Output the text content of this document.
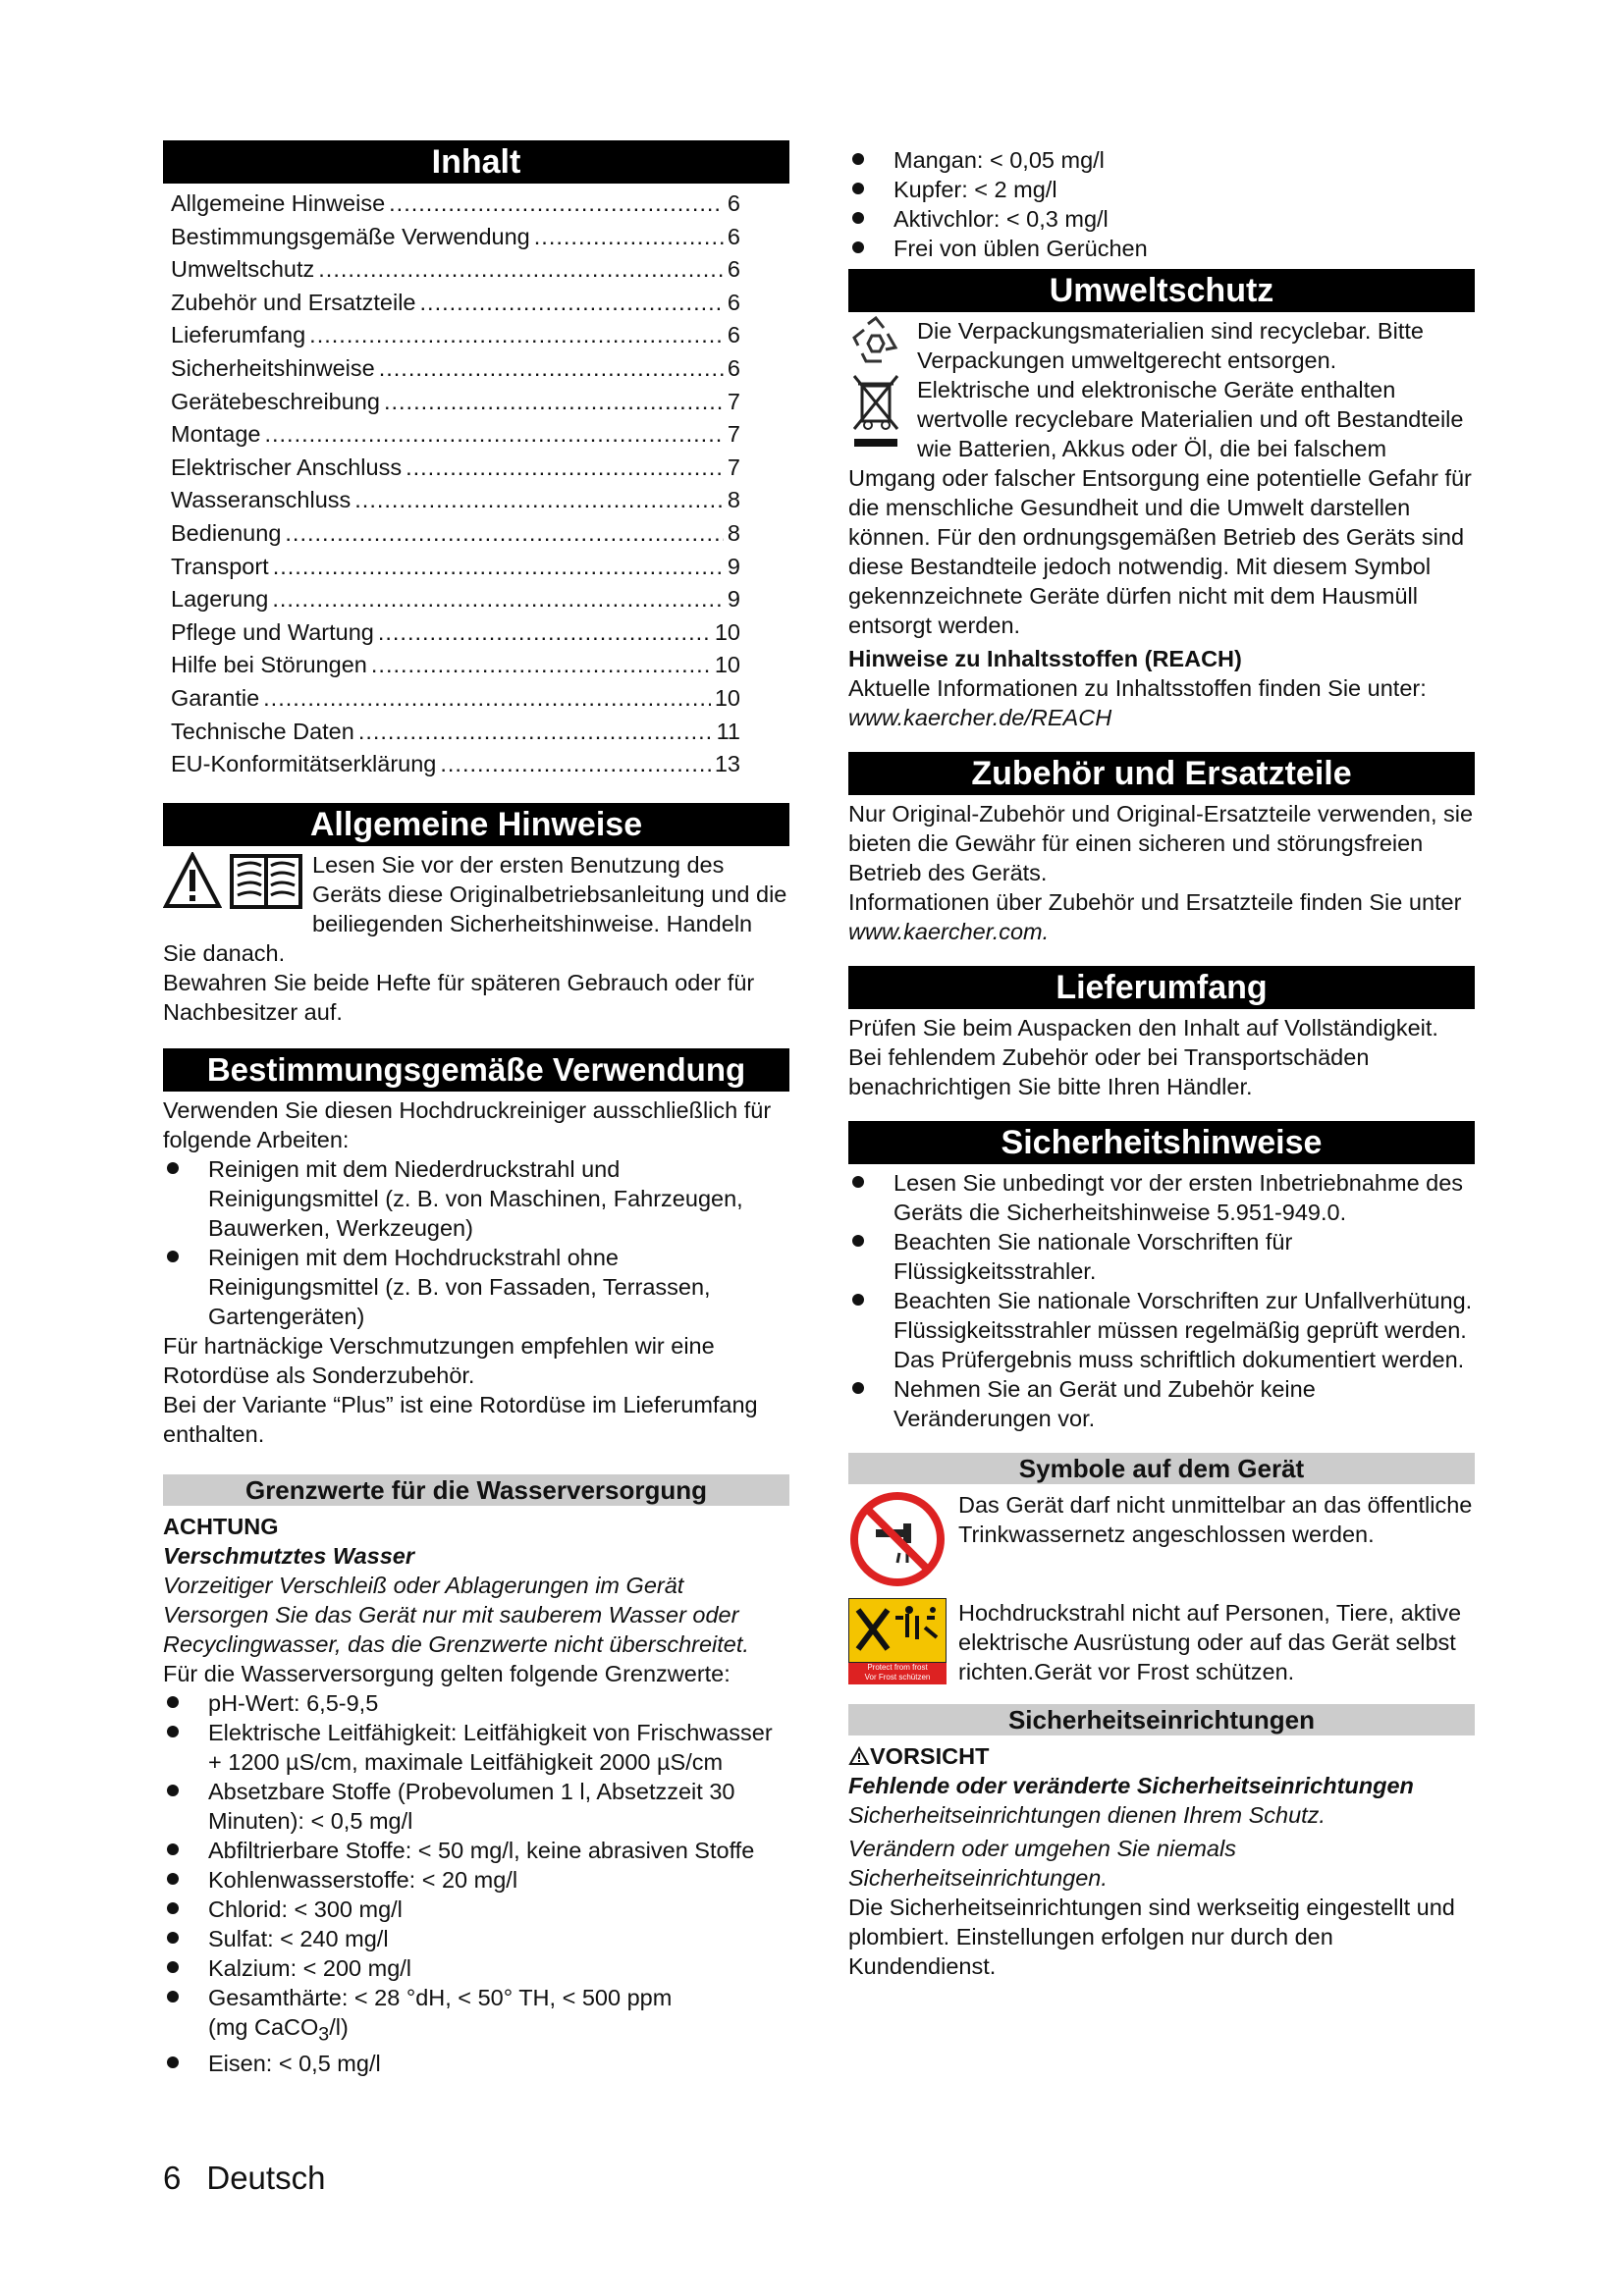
Inhalt
Allgemeine Hinweise .....	6
Bestimmungsgemäße Verwendung .....	6
Umweltschutz .....	6
Zubehör und Ersatzteile .....	6
Lieferumfang .....	6
Sicherheitshinweise .....	6
Gerätebeschreibung .....	7
Montage .....	7
Elektrischer Anschluss .....	7
Wasseranschluss .....	8
Bedienung .....	8
Transport .....	9
Lagerung .....	9
Pflege und Wartung .....	10
Hilfe bei Störungen .....	10
Garantie .....	10
Technische Daten .....	11
EU-Konformitätserklärung .....	13
Allgemeine Hinweise

Lesen Sie vor der ersten Benutzung des Geräts diese Originalbetriebsanleitung und die beiliegenden Sicherheitshinweise. Handeln Sie danach.

Bewahren Sie beide Hefte für späteren Gebrauch oder für Nachbesitzer auf.

Bestimmungsgemäße Verwendung

Verwenden Sie diesen Hochdruckreiniger ausschließlich für folgende Arbeiten:

Reinigen mit dem Niederdruckstrahl und Reinigungsmittel (z. B. von Maschinen, Fahrzeugen, Bauwerken, Werkzeugen)
Reinigen mit dem Hochdruckstrahl ohne Reinigungsmittel (z. B. von Fassaden, Terrassen, Gartengeräten)

Für hartnäckige Verschmutzungen empfehlen wir eine Rotordüse als Sonderzubehör.

Bei der Variante “Plus” ist eine Rotordüse im Lieferumfang enthalten.

Grenzwerte für die Wasserversorgung

ACHTUNG

Verschmutztes Wasser

Vorzeitiger Verschleiß oder Ablagerungen im Gerät

Versorgen Sie das Gerät nur mit sauberem Wasser oder Recyclingwasser, das die Grenzwerte nicht überschreitet.

Für die Wasserversorgung gelten folgende Grenzwerte:

pH-Wert: 6,5-9,5
Elektrische Leitfähigkeit: Leitfähigkeit von Frischwasser + 1200 µS/cm, maximale Leitfähigkeit 2000 µS/cm
Absetzbare Stoffe (Probevolumen 1 l, Absetzzeit 30 Minuten): < 0,5 mg/l
Abfiltrierbare Stoffe: < 50 mg/l, keine abrasiven Stoffe
Kohlenwasserstoffe: < 20 mg/l
Chlorid: < 300 mg/l
Sulfat: < 240 mg/l
Kalzium: < 200 mg/l
Gesamthärte: < 28 °dH, < 50° TH, < 500 ppm
(mg CaCO$_3$/l)
Eisen: < 0,5 mg/l
Mangan: < 0,05 mg/l
Kupfer: < 2 mg/l
Aktivchlor: < 0,3 mg/l
Frei von üblen Gerüchen
Umweltschutz

Die Verpackungsmaterialien sind recyclebar. Bitte Verpackungen umweltgerecht entsorgen.

Elektrische und elektronische Geräte enthalten wertvolle recyclebare Materialien und oft Bestandteile wie Batterien, Akkus oder Öl, die bei falschem Umgang oder falscher Entsorgung eine potentielle Gefahr für die menschliche Gesundheit und die Umwelt darstellen können. Für den ordnungsgemäßen Betrieb des Geräts sind diese Bestandteile jedoch notwendig. Mit diesem Symbol gekennzeichnete Geräte dürfen nicht mit dem Hausmüll entsorgt werden.

Hinweise zu Inhaltsstoffen (REACH)

Aktuelle Informationen zu Inhaltsstoffen finden Sie unter: www.kaercher.de/REACH

Zubehör und Ersatzteile

Nur Original-Zubehör und Original-Ersatzteile verwenden, sie bieten die Gewähr für einen sicheren und störungsfreien Betrieb des Geräts.

Informationen über Zubehör und Ersatzteile finden Sie unter www.kaercher.com.

Lieferumfang

Prüfen Sie beim Auspacken den Inhalt auf Vollständigkeit. Bei fehlendem Zubehör oder bei Transportschäden benachrichtigen Sie bitte Ihren Händler.

Sicherheitshinweise
Lesen Sie unbedingt vor der ersten Inbetriebnahme des Geräts die Sicherheitshinweise 5.951-949.0.
Beachten Sie nationale Vorschriften für Flüssigkeitsstrahler.
Beachten Sie nationale Vorschriften zur Unfallverhütung. Flüssigkeitsstrahler müssen regelmäßig geprüft werden. Das Prüfergebnis muss schriftlich dokumentiert werden.
Nehmen Sie an Gerät und Zubehör keine Veränderungen vor.
Symbole auf dem Gerät

Das Gerät darf nicht unmittelbar an das öffentliche Trinkwassernetz angeschlossen werden.

Protect from frost
Vor Frost schützen

Hochdruckstrahl nicht auf Personen, Tiere, aktive elektrische Ausrüstung oder auf das Gerät selbst richten.Gerät vor Frost schützen.

Sicherheitseinrichtungen

VORSICHT

Fehlende oder veränderte Sicherheitseinrichtungen

Sicherheitseinrichtungen dienen Ihrem Schutz.

Verändern oder umgehen Sie niemals Sicherheitseinrichtungen.

Die Sicherheitseinrichtungen sind werkseitig eingestellt und plombiert. Einstellungen erfolgen nur durch den Kundendienst.

6 Deutsch
